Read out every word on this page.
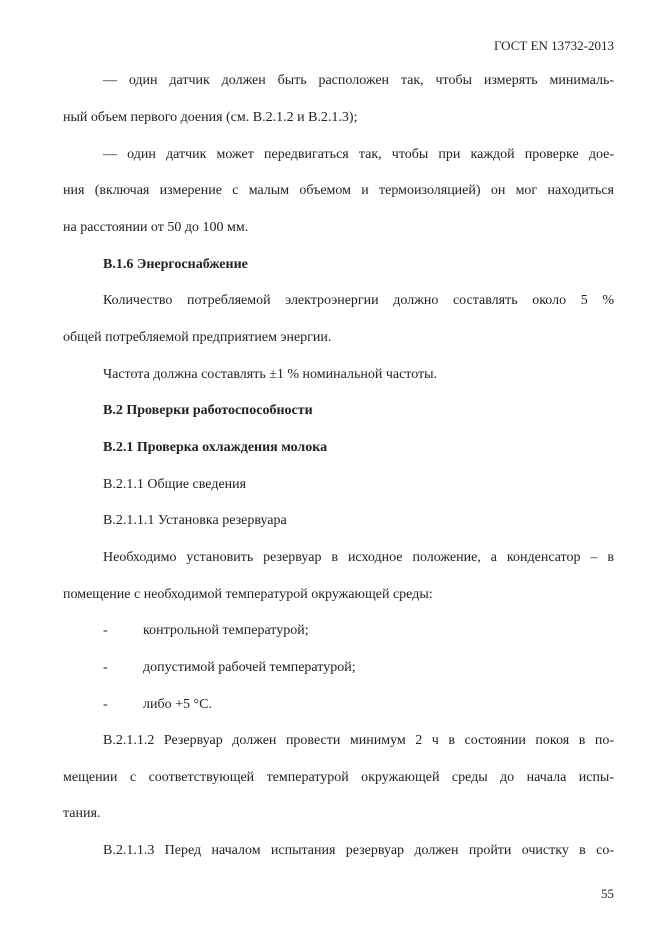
ГОСТ EN 13732-2013
— один датчик должен быть расположен так, чтобы измерять минималь-
ный объем первого доения (см. B.2.1.2 и B.2.1.3);
— один датчик может передвигаться так, чтобы при каждой проверке дое-
ния (включая измерение с малым объемом и термоизоляцией) он мог находиться
на расстоянии от 50 до 100 мм.
B.1.6 Энергоснабжение
Количество потребляемой электроэнергии должно составлять около 5 %
общей потребляемой предприятием энергии.
Частота должна составлять ±1 % номинальной частоты.
B.2 Проверки работоспособности
B.2.1 Проверка охлаждения молока
B.2.1.1 Общие сведения
B.2.1.1.1 Установка резервуара
Необходимо установить резервуар в исходное положение, а конденсатор – в
помещение с необходимой температурой окружающей среды:
-	контрольной температурой;
-	допустимой рабочей температурой;
-	либо +5 °С.
B.2.1.1.2 Резервуар должен провести минимум 2 ч в состоянии покоя в по-
мещении с соответствующей температурой окружающей среды до начала испы-
тания.
B.2.1.1.3 Перед началом испытания резервуар должен пройти очистку в со-
55
